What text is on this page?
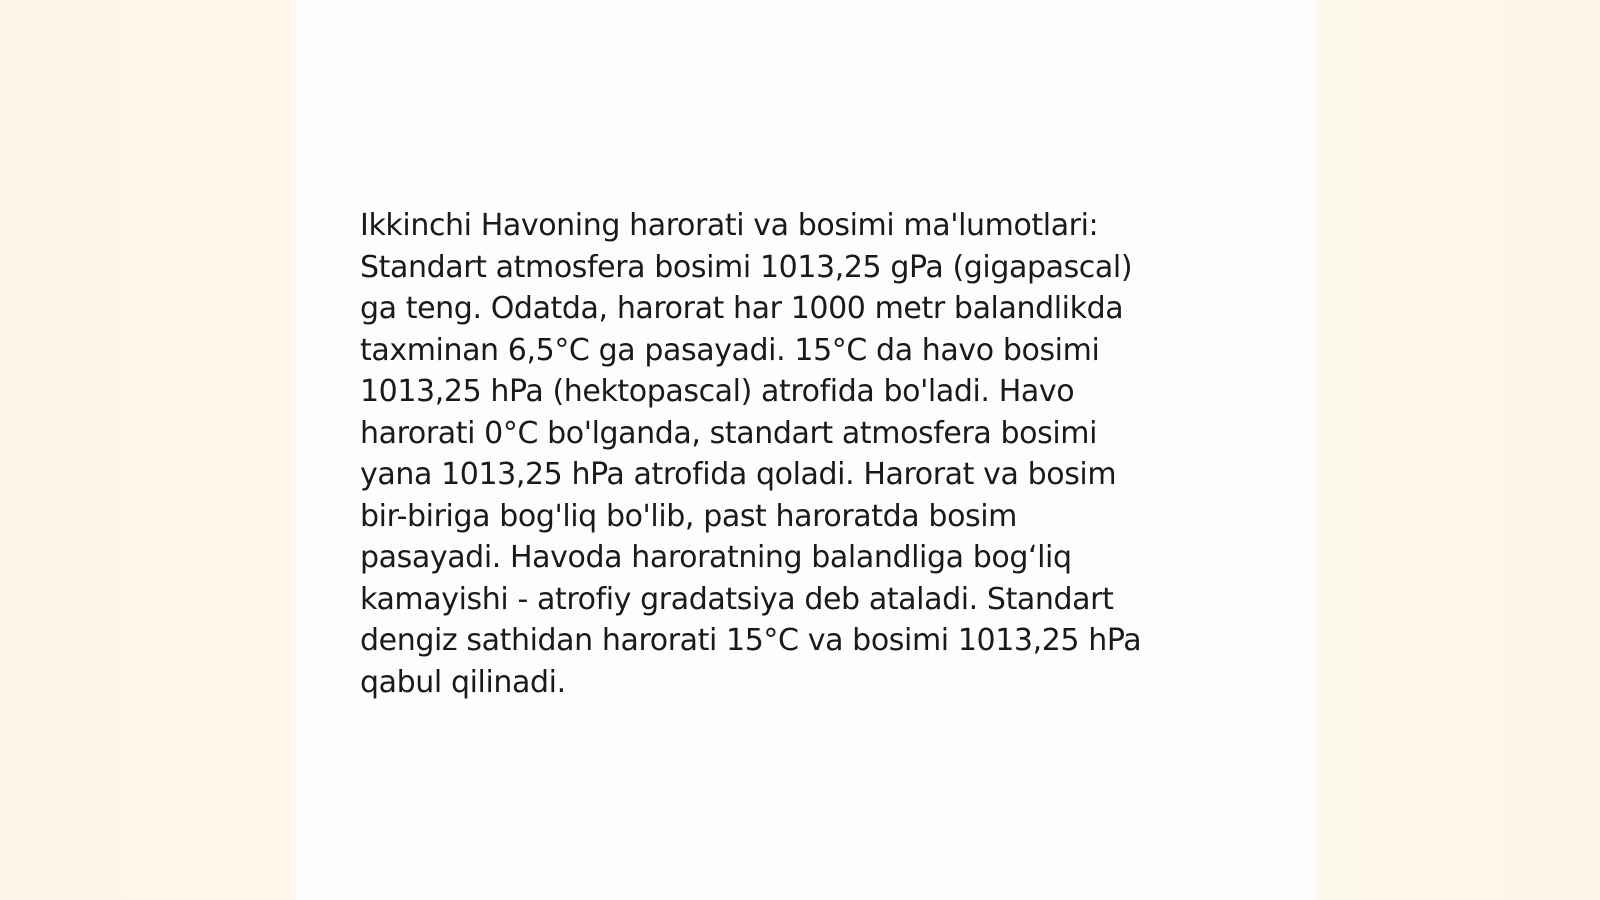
Ikkinchi Havoning harorati va bosimi ma'lumotlari:
Standart atmosfera bosimi 1013,25 gPa (gigapascal)
ga teng. Odatda, harorat har 1000 metr balandlikda
taxminan 6,5°C ga pasayadi. 15°C da havo bosimi
1013,25 hPa (hektopascal) atrofida bo'ladi. Havo
harorati 0°C bo'lganda, standart atmosfera bosimi
yana 1013,25 hPa atrofida qoladi. Harorat va bosim
bir-biriga bog'liq bo'lib, past haroratda bosim
pasayadi. Havoda haroratning balandliga bog‘liq
kamayishi - atrofiy gradatsiya deb ataladi. Standart
dengiz sathidan harorati 15°C va bosimi 1013,25 hPa
qabul qilinadi.
